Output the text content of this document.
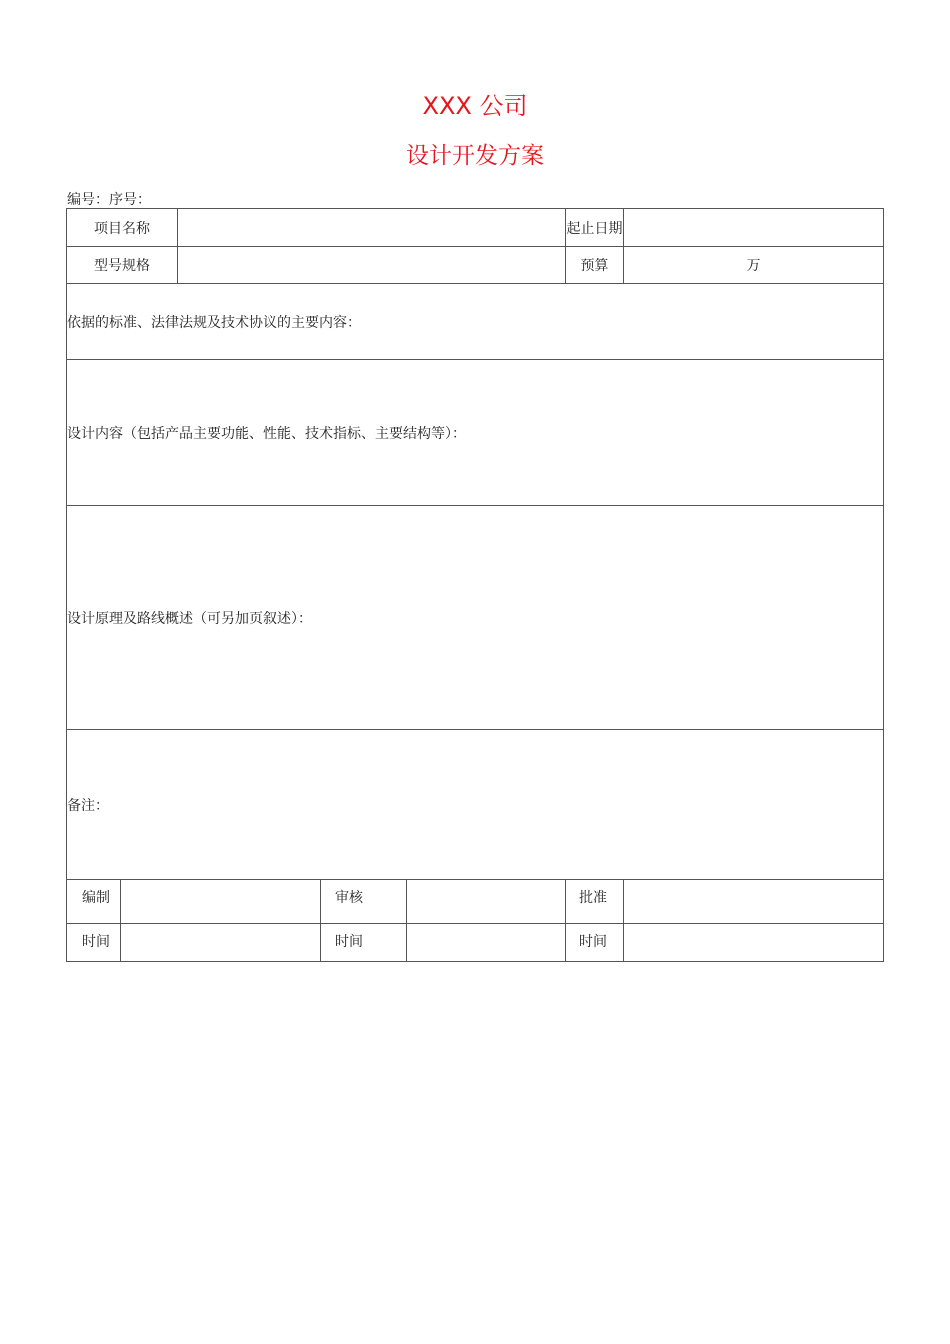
XXX 公司
设计开发方案
编号：序号：
项目名称					起止日期	
型号规格					预算	万
依据的标准、法律法规及技术协议的主要内容：						
设计内容（包括产品主要功能、性能、技术指标、主要结构等）：						
设计原理及路线概述（可另加页叙述）：						
备注：						
编制			审核		批准	
时间			时间		时间	
